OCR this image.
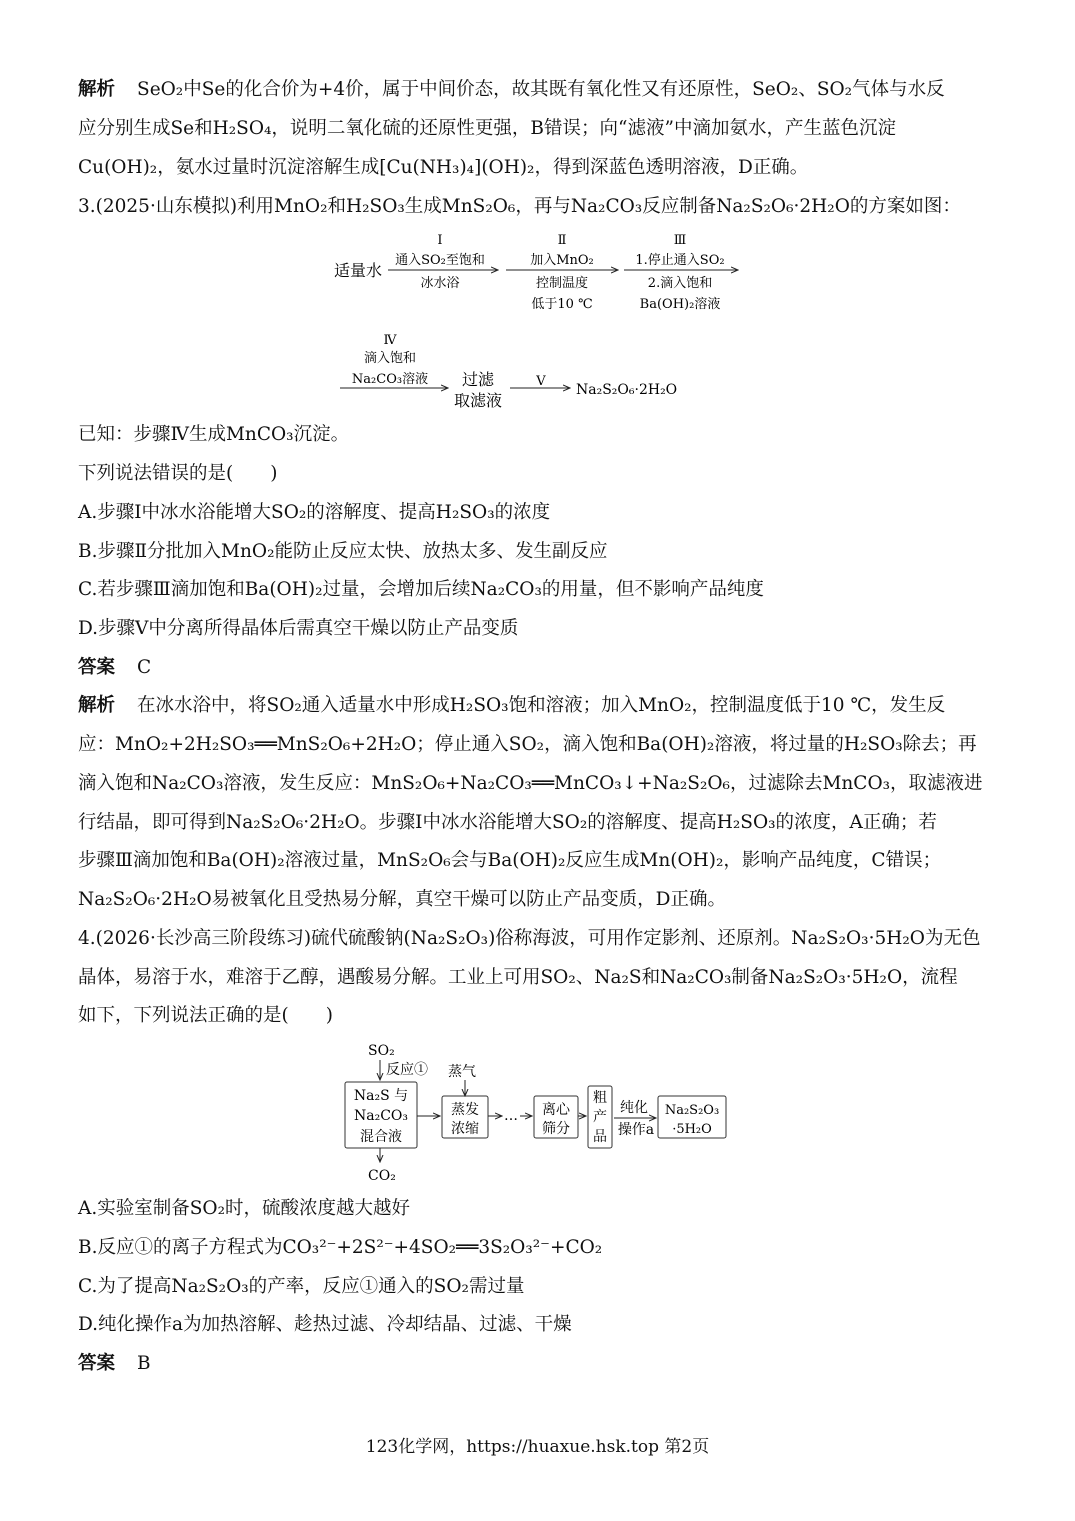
解析 SeO₂中Se的化合价为+4价，属于中间价态，故其既有氧化性又有还原性，SeO₂、SO₂气体与水反
应分别生成Se和H₂SO₄，说明二氧化硫的还原性更强，B错误；向“滤液”中滴加氨水，产生蓝色沉淀
Cu(OH)₂，氨水过量时沉淀溶解生成[Cu(NH₃)₄](OH)₂，得到深蓝色透明溶液，D正确。
3.(2025·山东模拟)利用MnO₂和H₂SO₃生成MnS₂O₆，再与Na₂CO₃反应制备Na₂S₂O₆·2H₂O的方案如图：
适量水
Ⅰ
通入SO₂至饱和
冰水浴
Ⅱ
加入MnO₂
控制温度
低于10 ℃
Ⅲ
1.停止通入SO₂
2.滴入饱和
Ba(OH)₂溶液
Ⅳ
滴入饱和
Na₂CO₃溶液 过滤
取滤液
Ⅴ
Na₂S₂O₆·2H₂O
已知：步骤Ⅳ生成MnCO₃沉淀。
下列说法错误的是(　　)
A.步骤Ⅰ中冰水浴能增大SO₂的溶解度、提高H₂SO₃的浓度
B.步骤Ⅱ分批加入MnO₂能防止反应太快、放热太多、发生副反应
C.若步骤Ⅲ滴加饱和Ba(OH)₂过量，会增加后续Na₂CO₃的用量，但不影响产品纯度
D.步骤Ⅴ中分离所得晶体后需真空干燥以防止产品变质
答案 C
解析 在冰水浴中，将SO₂通入适量水中形成H₂SO₃饱和溶液；加入MnO₂，控制温度低于10 ℃，发生反
应：MnO₂+2H₂SO₃══MnS₂O₆+2H₂O；停止通入SO₂，滴入饱和Ba(OH)₂溶液，将过量的H₂SO₃除去；再
滴入饱和Na₂CO₃溶液，发生反应：MnS₂O₆+Na₂CO₃══MnCO₃↓+Na₂S₂O₆，过滤除去MnCO₃，取滤液进
行结晶，即可得到Na₂S₂O₆·2H₂O。步骤Ⅰ中冰水浴能增大SO₂的溶解度、提高H₂SO₃的浓度，A正确；若
步骤Ⅲ滴加饱和Ba(OH)₂溶液过量，MnS₂O₆会与Ba(OH)₂反应生成Mn(OH)₂，影响产品纯度，C错误；
Na₂S₂O₆·2H₂O易被氧化且受热易分解，真空干燥可以防止产品变质，D正确。
4.(2026·长沙高三阶段练习)硫代硫酸钠(Na₂S₂O₃)俗称海波，可用作定影剂、还原剂。Na₂S₂O₃·5H₂O为无色
晶体，易溶于水，难溶于乙醇，遇酸易分解。工业上可用SO₂、Na₂S和Na₂CO₃制备Na₂S₂O₃·5H₂O，流程
如下，下列说法正确的是(　　)
SO₂
反应①
Na₂S 与
Na₂CO₃
混合液
CO₂
蒸气
蒸发
浓缩
… 离心
筛分
粗
产
品
纯化
操作a
Na₂S₂O₃
·5H₂O
A.实验室制备SO₂时，硫酸浓度越大越好
B.反应①的离子方程式为CO₃²⁻+2S²⁻+4SO₂══3S₂O₃²⁻+CO₂
C.为了提高Na₂S₂O₃的产率，反应①通入的SO₂需过量
D.纯化操作a为加热溶解、趁热过滤、冷却结晶、过滤、干燥
答案 B
123化学网，https://huaxue.hsk.top 第2页
